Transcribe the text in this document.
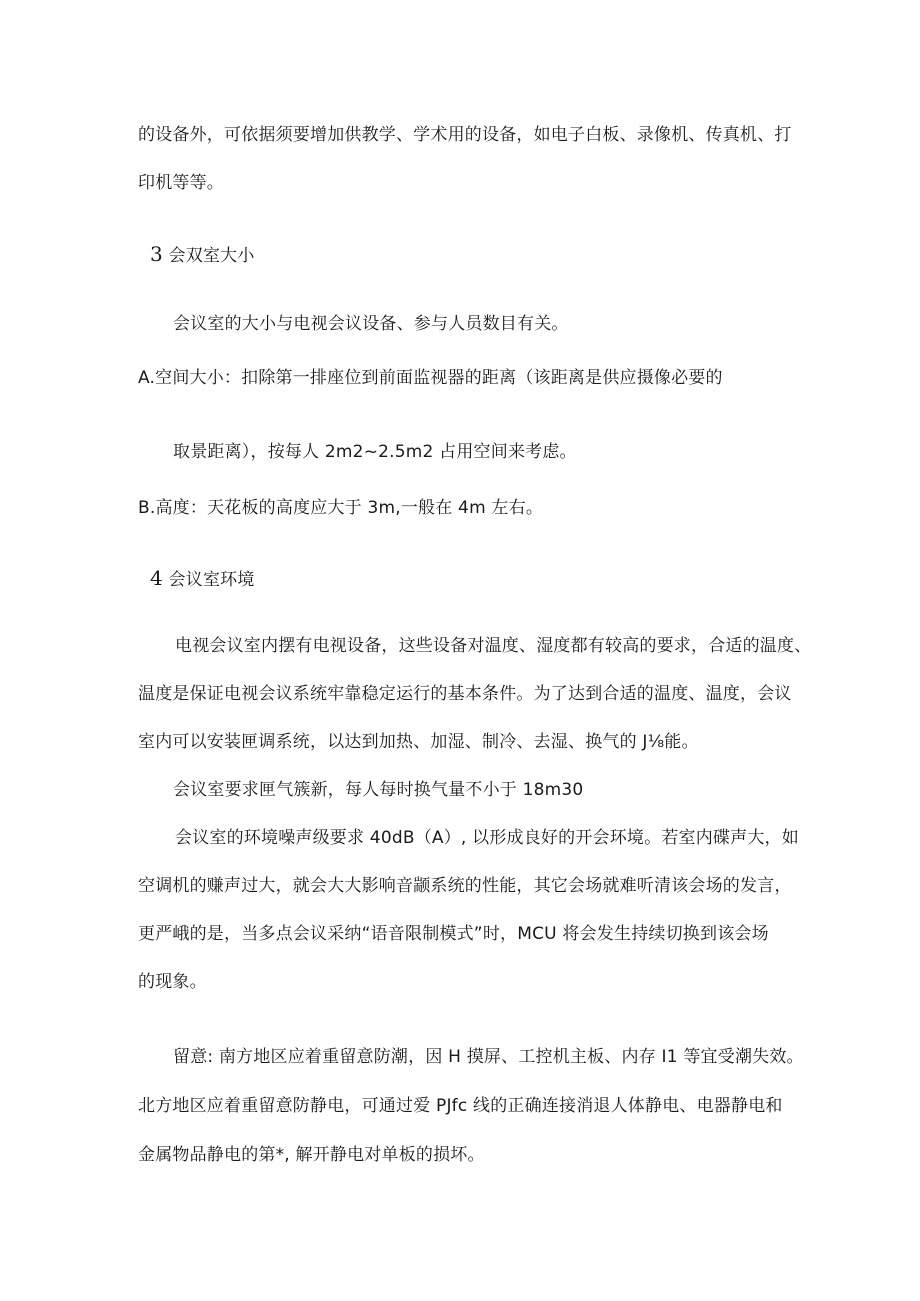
的设备外，可依据须要增加供教学、学术用的设备，如电子白板、录像机、传真机、打
印机等等。
3 会双室大小
会议室的大小与电视会议设备、参与人员数目有关。
A.空间大小：扣除第一排座位到前面监视器的距离（该距离是供应摄像必要的
取景距离），按每人 2m2~2.5m2 占用空间来考虑。
B.高度：天花板的高度应大于 3m,一般在 4m 左右。
4 会议室环境
电视会议室内摆有电视设备，这些设备对温度、湿度都有较高的要求，合适的温度、
温度是保证电视会议系统牢靠稳定运行的基本条件。为了达到合适的温度、温度，会议
室内可以安装匣调系统，以达到加热、加湿、制冷、去湿、换气的 J⅛能。
会议室要求匣气簇新，每人每时换气量不小于 18m30
会议室的环境噪声级要求 40dB（A）, 以形成良好的开会环境。若室内碟声大，如
空调机的赚声过大，就会大大影响音颛系统的性能，其它会场就难听清该会场的发言，
更严峨的是，当多点会议采纳“语音限制模式”时，MCU 将会发生持续切换到该会场
的现象。
留意: 南方地区应着重留意防潮，因 H 摸屏、工控机主板、内存 I1 等宜受潮失效。
北方地区应着重留意防静电，可通过爱 PJfc 线的正确连接消退人体静电、电器静电和
金属物品静电的第*, 解开静电对单板的损坏。
